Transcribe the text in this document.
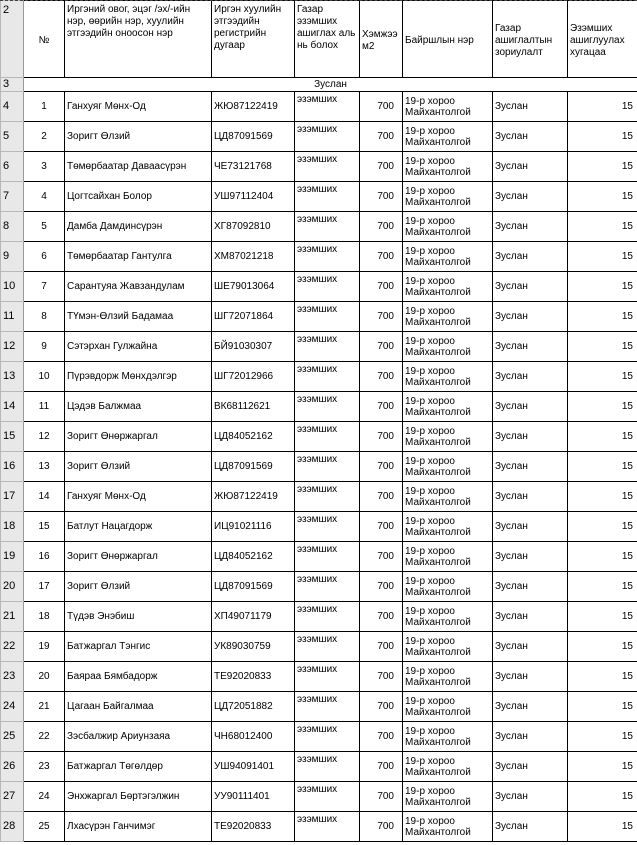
2	№	Иргэний овог, эцэг /эх/-ийн нэр, өөрийн нэр, хуулийн этгээдийн оноосон нэр	Иргэн хуулийн этгээдийн регистрийн дугаар	Газар эзэмших ашиглах аль нь болох	Хэмжээ м2	Байршлын нэр	Газар ашиглалтын зориулалт	Эзэмших ашиглуулах хугацаа
3	Зуслан							
4	1	Ганхуяг Мөнх-Од	ЖЮ87122419	эзэмших	700	19-р хороо Майхантолгой	Зуслан	15
5	2	Зоригт Өлзий	ЦД87091569	эзэмших	700	19-р хороо Майхантолгой	Зуслан	15
6	3	Төмөрбаатар Даваасүрэн	ЧЕ73121768	эзэмших	700	19-р хороо Майхантолгой	Зуслан	15
7	4	Цогтсайхан Болор	УШ97112404	эзэмших	700	19-р хороо Майхантолгой	Зуслан	15
8	5	Дамба Дамдинсүрэн	ХГ87092810	эзэмших	700	19-р хороо Майхантолгой	Зуслан	15
9	6	Төмөрбаатар Гантулга	ХМ87021218	эзэмших	700	19-р хороо Майхантолгой	Зуслан	15
10	7	Сарантуяа Жавзандулам	ШЕ79013064	эзэмших	700	19-р хороо Майхантолгой	Зуслан	15
11	8	ТҮмэн-Өлзий Бадамаа	ШГ72071864	эзэмших	700	19-р хороо Майхантолгой	Зуслан	15
12	9	Сэтэрхан Гулжайна	БЙ91030307	эзэмших	700	19-р хороо Майхантолгой	Зуслан	15
13	10	Пүрэвдорж Мөнхдэлгэр	ШГ72012966	эзэмших	700	19-р хороо Майхантолгой	Зуслан	15
14	11	Цэдэв Балжмаа	ВК68112621	эзэмших	700	19-р хороо Майхантолгой	Зуслан	15
15	12	Зоригт Өнөржаргал	ЦД84052162	эзэмших	700	19-р хороо Майхантолгой	Зуслан	15
16	13	Зоригт Өлзий	ЦД87091569	эзэмших	700	19-р хороо Майхантолгой	Зуслан	15
17	14	Ганхуяг Мөнх-Од	ЖЮ87122419	эзэмших	700	19-р хороо Майхантолгой	Зуслан	15
18	15	Батлут Нацагдорж	ИЦ91021116	эзэмших	700	19-р хороо Майхантолгой	Зуслан	15
19	16	Зоригт Өнөржаргал	ЦД84052162	эзэмших	700	19-р хороо Майхантолгой	Зуслан	15
20	17	Зоригт Өлзий	ЦД87091569	эзэмших	700	19-р хороо Майхантолгой	Зуслан	15
21	18	Түдэв Энэбиш	ХП49071179	эзэмших	700	19-р хороо Майхантолгой	Зуслан	15
22	19	Батжаргал Тэнгис	УК89030759	эзэмших	700	19-р хороо Майхантолгой	Зуслан	15
23	20	Баяраа Бямбадорж	ТЕ92020833	эзэмших	700	19-р хороо Майхантолгой	Зуслан	15
24	21	Цагаан Байгалмаа	ЦД72051882	эзэмших	700	19-р хороо Майхантолгой	Зуслан	15
25	22	Зэсбалжир Ариунзаяа	ЧН68012400	эзэмших	700	19-р хороо Майхантолгой	Зуслан	15
26	23	Батжаргал Төгөлдөр	УШ94091401	эзэмших	700	19-р хороо Майхантолгой	Зуслан	15
27	24	Энхжаргал Бөртэгэлжин	УУ90111401	эзэмших	700	19-р хороо Майхантолгой	Зуслан	15
28	25	Лхасүрэн Ганчимэг	ТЕ92020833	эзэмших	700	19-р хороо Майхантолгой	Зуслан	15
